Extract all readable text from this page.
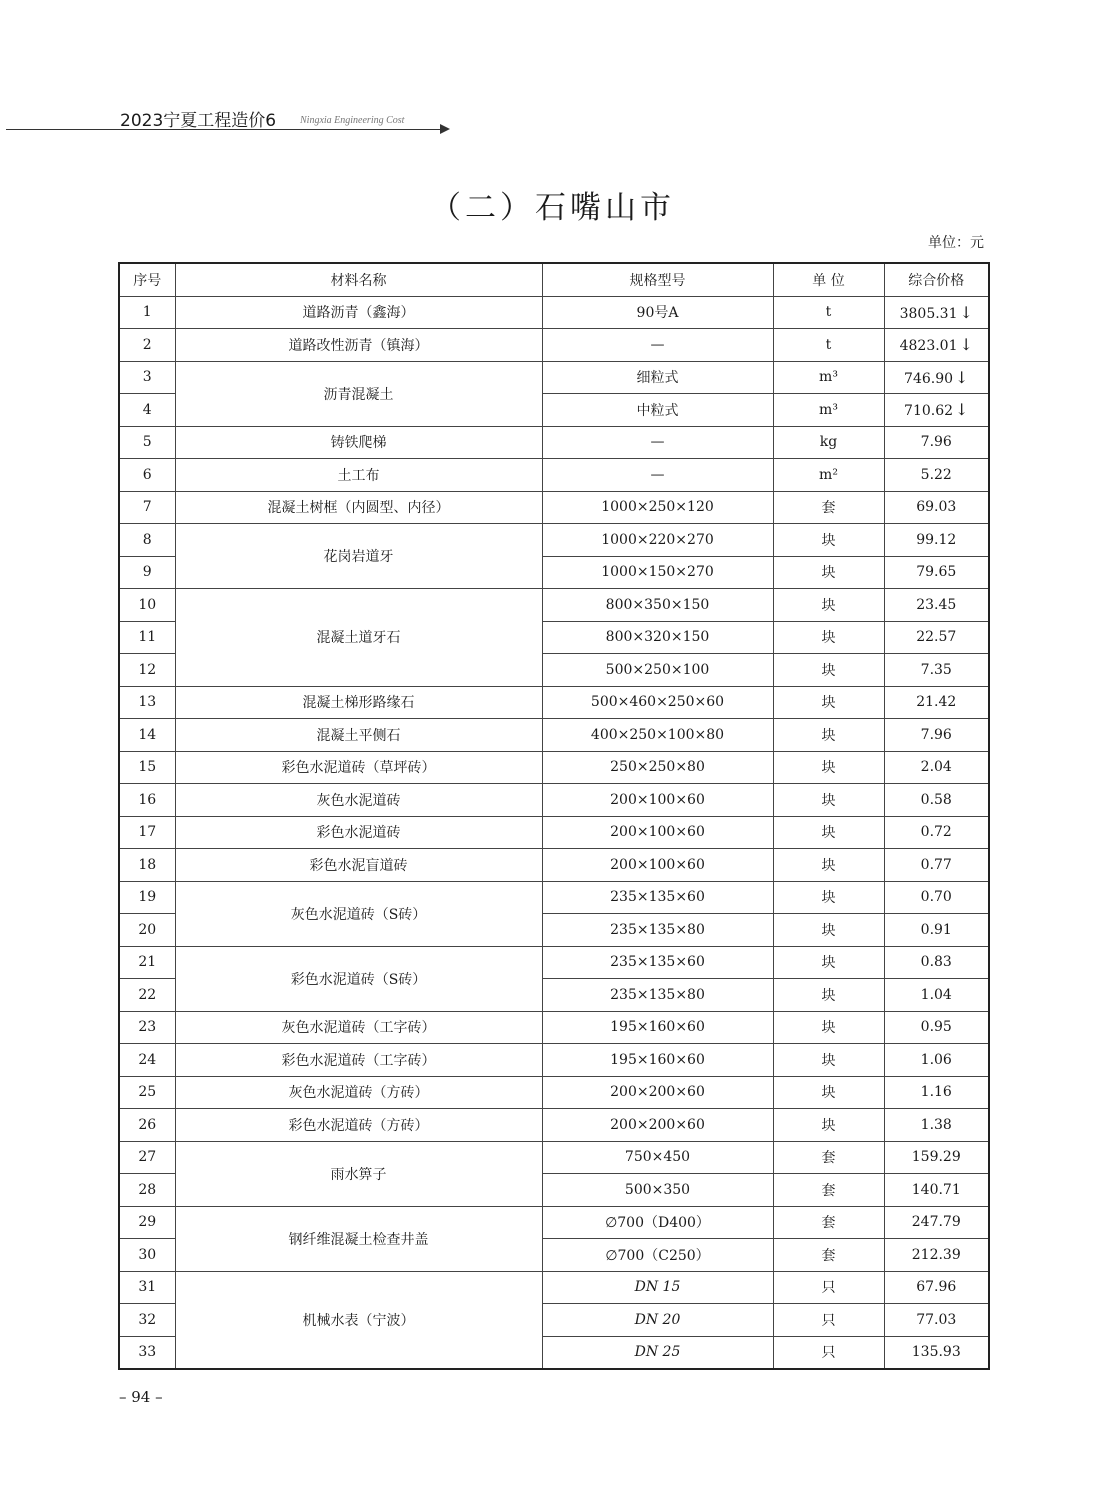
2023宁夏工程造价6 Ningxia Engineering Cost
（二）石嘴山市
单位：元
序号	材料名称	规格型号	单 位	综合价格
1	道路沥青（鑫海）	90号A	t	3805.31 ↓
2	道路改性沥青（镇海）	—	t	4823.01 ↓
3	沥青混凝土	细粒式	m³	746.90 ↓
4		中粒式	m³	710.62 ↓
5	铸铁爬梯	—	kg	7.96
6	土工布	—	m²	5.22
7	混凝土树框（内圆型、内径）	1000×250×120	套	69.03
8	花岗岩道牙	1000×220×270	块	99.12
9		1000×150×270	块	79.65
10	混凝土道牙石	800×350×150	块	23.45
11		800×320×150	块	22.57
12		500×250×100	块	7.35
13	混凝土梯形路缘石	500×460×250×60	块	21.42
14	混凝土平侧石	400×250×100×80	块	7.96
15	彩色水泥道砖（草坪砖）	250×250×80	块	2.04
16	灰色水泥道砖	200×100×60	块	0.58
17	彩色水泥道砖	200×100×60	块	0.72
18	彩色水泥盲道砖	200×100×60	块	0.77
19	灰色水泥道砖（S砖）	235×135×60	块	0.70
20		235×135×80	块	0.91
21	彩色水泥道砖（S砖）	235×135×60	块	0.83
22		235×135×80	块	1.04
23	灰色水泥道砖（工字砖）	195×160×60	块	0.95
24	彩色水泥道砖（工字砖）	195×160×60	块	1.06
25	灰色水泥道砖（方砖）	200×200×60	块	1.16
26	彩色水泥道砖（方砖）	200×200×60	块	1.38
27	雨水箅子	750×450	套	159.29
28		500×350	套	140.71
29	钢纤维混凝土检查井盖	∅700（D400）	套	247.79
30		∅700（C250）	套	212.39
31	机械水表（宁波）	DN 15	只	67.96
32		DN 20	只	77.03
33		DN 25	只	135.93
– 94 –
